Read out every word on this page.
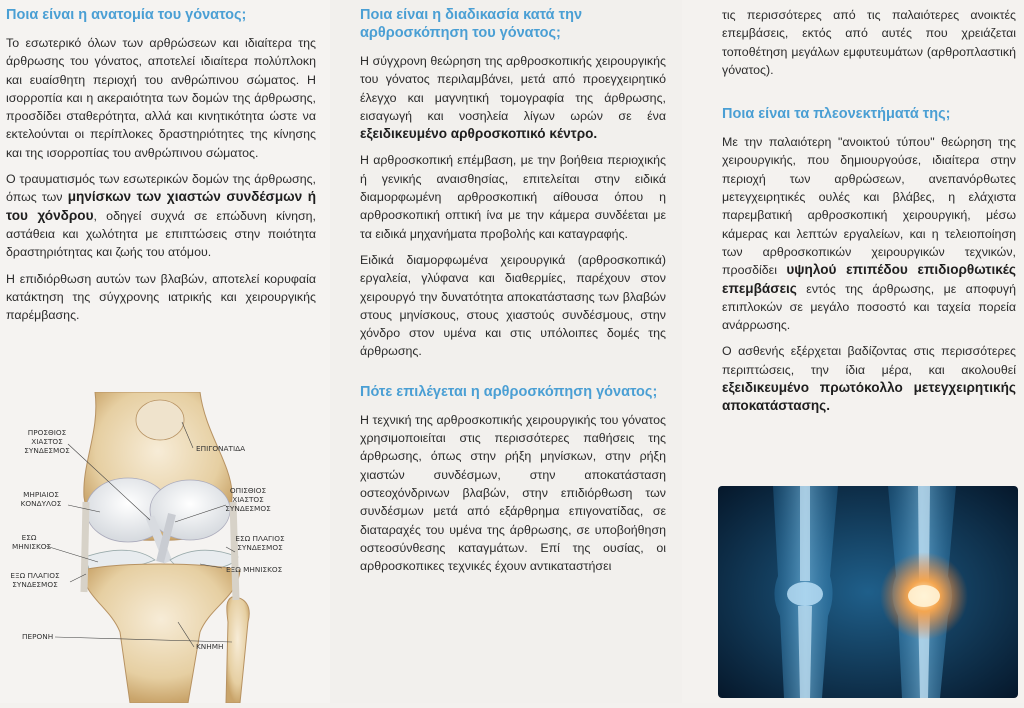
Ποια είναι η ανατομία του γόνατος;

Το εσωτερικό όλων των αρθρώσεων και ιδιαίτερα της άρθρωσης του γόνατος, αποτελεί ιδιαίτερα πολύπλοκη και ευαίσθητη περιοχή του ανθρώπινου σώματος. Η ισορροπία και η ακεραιότητα των δομών της άρθρωσης, προσδίδει σταθερότητα, αλλά και κινητικότητα ώστε να εκτελούνται οι περίπλοκες δραστηριότητες της κίνησης και της ισορροπίας του ανθρώπινου σώματος.

Ο τραυματισμός των εσωτερικών δομών της άρθρωσης, όπως των μηνίσκων των χιαστών συνδέσμων ή του χόνδρου, οδηγεί συχνά σε επώδυνη κίνηση, αστάθεια και χωλότητα με επιπτώσεις στην ποιότητα δραστηριότητας και ζωής του ατόμου.

Η επιδιόρθωση αυτών των βλαβών, αποτελεί κορυφαία κατάκτηση της σύγχρονης ιατρικής και χειρουργικής παρέμβασης.

ΠΡΟΣΘΙΟΣ ΧΙΑΣΤΟΣ ΣΥΝΔΕΣΜΟΣ	ΕΠΙΓΟΝΑΤΙΔΑ
ΜΗΡΙΑΙΟΣ ΚΟΝΔΥΛΟΣ
ΟΠΙΣΘΙΟΣ ΧΙΑΣΤΟΣ ΣΥΝΔΕΣΜΟΣ
ΕΣΩ ΜΗΝΙΣΚΟΣ
ΕΞΩ ΠΛΑΓΙΟΣ ΣΥΝΔΕΣΜΟΣ
ΕΞΩ ΜΗΝΙΣΚΟΣ
ΕΣΩ ΠΛΑΓΙΟΣ ΣΥΝΔΕΣΜΟΣ
ΠΕΡΟΝΗ
ΚΝΗΜΗ
Ποια είναι η διαδικασία κατά την αρθροσκόπηση του γόνατος;

Η σύγχρονη θεώρηση της αρθροσκοπικής χειρουργικής του γόνατος περιλαμβάνει, μετά από προεγχειρητικό έλεγχο και μαγνητική τομογραφία της άρθρωσης, εισαγωγή και νοσηλεία λίγων ωρών σε ένα εξειδικευμένο αρθροσκοπικό κέντρο.

Η αρθροσκοπική επέμβαση, με την βοήθεια περιοχικής ή γενικής αναισθησίας, επιτελείται στην ειδικά διαμορφωμένη αρθροσκοπική αίθουσα όπου η αρθροσκοπική οπτική ίνα με την κάμερα συνδέεται με τα ειδικά μηχανήματα προβολής και καταγραφής.

Ειδικά διαμορφωμένα χειρουργικά (αρθροσκοπικά) εργαλεία, γλύφανα και διαθερμίες, παρέχουν στον χειρουργό την δυνατότητα αποκατάστασης των βλαβών στους μηνίσκους, στους χιαστούς συνδέσμους, στην χόνδρο στον υμένα και στις υπόλοιπες δομές της άρθρωσης.

Πότε επιλέγεται η αρθροσκόπηση γόνατος;

Η τεχνική της αρθροσκοπικής χειρουργικής του γόνατος χρησιμοποιείται στις περισσότερες παθήσεις της άρθρωσης, όπως στην ρήξη μηνίσκων, στην ρήξη χιαστών συνδέσμων, στην αποκατάσταση οστεοχόνδρινων βλαβών, στην επιδιόρθωση των συνδέσμων μετά από εξάρθρημα επιγονατίδας, σε διαταραχές του υμένα της άρθρωσης, σε υποβοήθηση οστεοσύνθεσης καταγμάτων. Επί της ουσίας, οι αρθροσκοπικες τεχνικές έχουν αντικαταστήσει

τις περισσότερες από τις παλαιότερες ανοικτές επεμβάσεις, εκτός από αυτές που χρειάζεται τοποθέτηση μεγάλων εμφυτευμάτων (αρθροπλαστική γόνατος).

Ποια είναι τα πλεονεκτήματά της;

Με την παλαιότερη "ανοικτού τύπου" θεώρηση της χειρουργικής, που δημιουργούσε, ιδιαίτερα στην περιοχή των αρθρώσεων, ανεπανόρθωτες μετεγχειρητικές ουλές και βλάβες, η ελάχιστα παρεμβατική αρθροσκοπική χειρουργική, μέσω κάμερας και λεπτών εργαλείων, και η τελειοποίηση των αρθροσκοπικών χειρουργικών τεχνικών, προσδίδει υψηλού επιπέδου επιδιορθωτικές επεμβάσεις εντός της άρθρωσης, με αποφυγή επιπλοκών σε μεγάλο ποσοστό και ταχεία πορεία ανάρρωσης.

Ο ασθενής εξέρχεται βαδίζοντας στις περισσότερες περιπτώσεις, την ίδια μέρα, και ακολουθεί εξειδικευμένο πρωτόκολλο μετεγχειρητικής αποκατάστασης.
